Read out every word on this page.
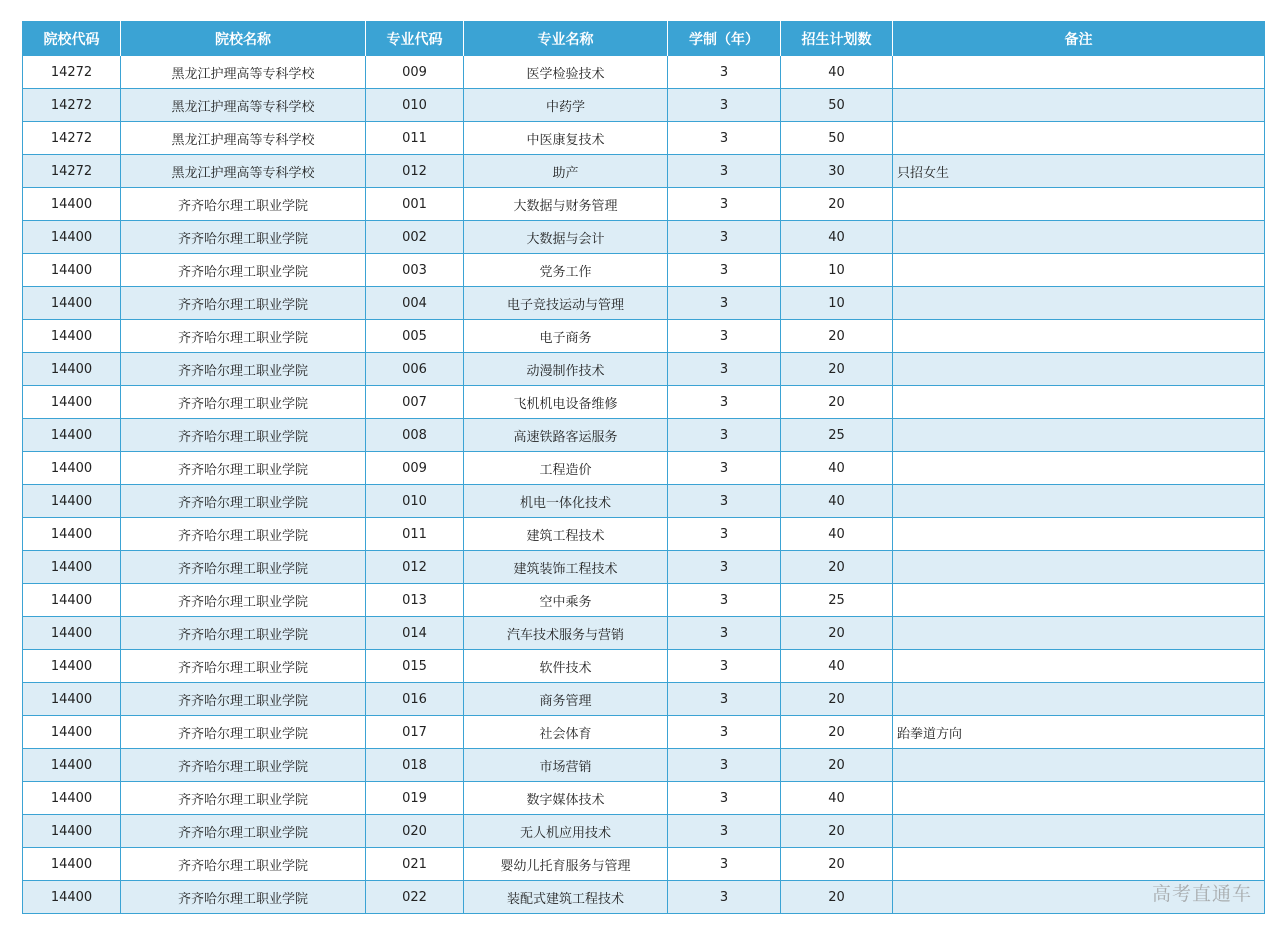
院校代码	院校名称	专业代码	专业名称	学制（年）	招生计划数	备注
14272	黑龙江护理高等专科学校	009	医学检验技术	3	40	
14272	黑龙江护理高等专科学校	010	中药学	3	50	
14272	黑龙江护理高等专科学校	011	中医康复技术	3	50	
14272	黑龙江护理高等专科学校	012	助产	3	30	只招女生
14400	齐齐哈尔理工职业学院	001	大数据与财务管理	3	20	
14400	齐齐哈尔理工职业学院	002	大数据与会计	3	40	
14400	齐齐哈尔理工职业学院	003	党务工作	3	10	
14400	齐齐哈尔理工职业学院	004	电子竞技运动与管理	3	10	
14400	齐齐哈尔理工职业学院	005	电子商务	3	20	
14400	齐齐哈尔理工职业学院	006	动漫制作技术	3	20	
14400	齐齐哈尔理工职业学院	007	飞机机电设备维修	3	20	
14400	齐齐哈尔理工职业学院	008	高速铁路客运服务	3	25	
14400	齐齐哈尔理工职业学院	009	工程造价	3	40	
14400	齐齐哈尔理工职业学院	010	机电一体化技术	3	40	
14400	齐齐哈尔理工职业学院	011	建筑工程技术	3	40	
14400	齐齐哈尔理工职业学院	012	建筑装饰工程技术	3	20	
14400	齐齐哈尔理工职业学院	013	空中乘务	3	25	
14400	齐齐哈尔理工职业学院	014	汽车技术服务与营销	3	20	
14400	齐齐哈尔理工职业学院	015	软件技术	3	40	
14400	齐齐哈尔理工职业学院	016	商务管理	3	20	
14400	齐齐哈尔理工职业学院	017	社会体育	3	20	跆拳道方向
14400	齐齐哈尔理工职业学院	018	市场营销	3	20	
14400	齐齐哈尔理工职业学院	019	数字媒体技术	3	40	
14400	齐齐哈尔理工职业学院	020	无人机应用技术	3	20	
14400	齐齐哈尔理工职业学院	021	婴幼儿托育服务与管理	3	20	
14400	齐齐哈尔理工职业学院	022	装配式建筑工程技术	3	20		高考直通车
